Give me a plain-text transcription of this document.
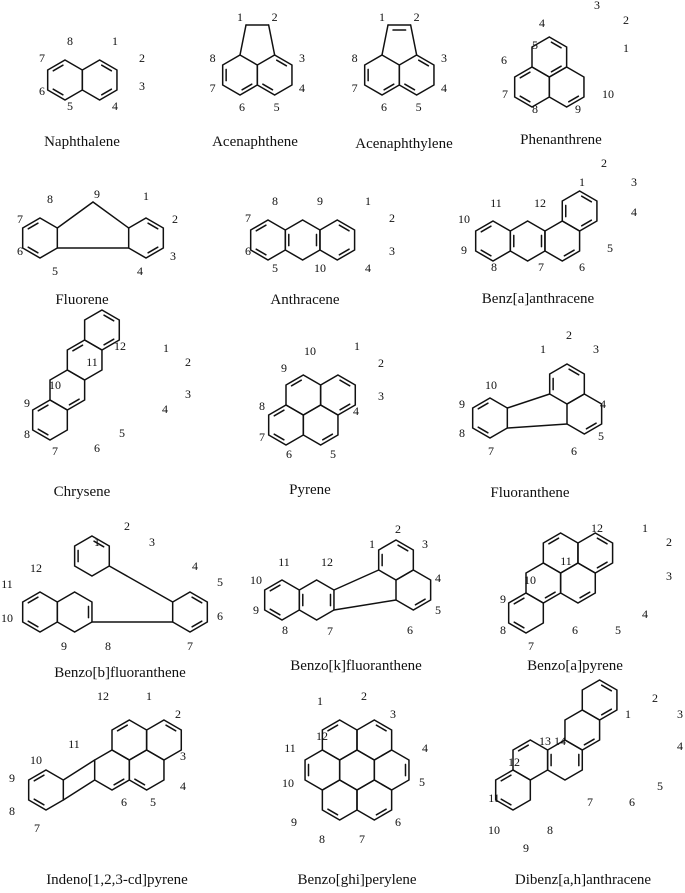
Naphthalene	Acenaphthene	Acenaphthylene	Phenanthrene
Fluorene	Anthracene	Benz[a]anthracene
Chrysene	Pyrene	Fluoranthene
Benzo[b]fluoranthene	Benzo[k]fluoranthene	Benzo[a]pyrene
Indeno[1,2,3-cd]pyrene	Benzo[ghi]perylene	Dibenz[a,h]anthracene
1
2
3
4
5
6
7
8
1 2
3
4
5
6
7
8
1 2
3
4
5
6
7
8
1
2
3
4
5
6
7
8	9
10
1
2
3
4
5
6
7
8	9	1
2
3
4
5
6
7
8	9
10
1
2
3
4
5
6
7
8
9
10
11	12
1
2
3
4
5
6
7
8
9
10
11
12	1
2
3
4
5
6
7
8
9
10	1
2
3
4
5
6
7
8
9
10
1
2
3
4
5
6
7
8
9
10
11
12
1
2
3
4
5
6
7
8
9
10
11	12
1
2
3
4
5
6
7
8
9
10
11
12
1
2
3
4
5
6
7
8
9
10
11
12	1	2
3
4
5
6
7
8
9
10
11
12
1
2
3
4
5
6
7
8
9
10
11
12
13 14
